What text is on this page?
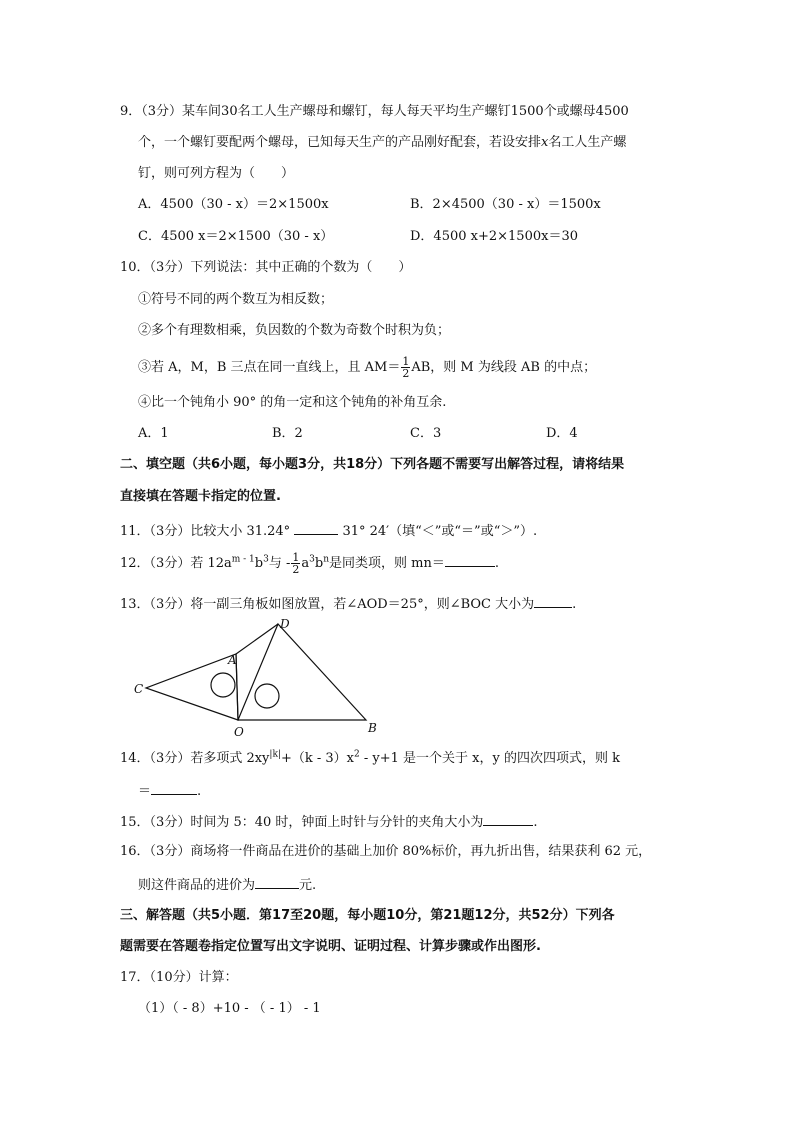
9．（3分）某车间30名工人生产螺母和螺钉，每人每天平均生产螺钉1500个或螺母4500
个，一个螺钉要配两个螺母，已知每天生产的产品刚好配套，若设安排x名工人生产螺
钉，则可列方程为（　　）
A．4500（30 - x）＝2×1500x	B．2×4500（30 - x）＝1500x
C．4500 x＝2×1500（30 - x）	D．4500 x+2×1500x＝30
10．（3分）下列说法：其中正确的个数为（　　）
①符号不同的两个数互为相反数；
②多个有理数相乘，负因数的个数为奇数个时积为负；
③若 A，M，B 三点在同一直线上，且 $AM= \frac{1}{2}$ AB，则 M 为线段 AB 的中点；
④比一个钝角小 90° 的角一定和这个钝角的补角互余.
A．1	B．2	C．3	D．4
二、填空题（共6小题，每小题3分，共18分）下列各题不需要写出解答过程，请将结果
直接填在答题卡指定的位置.
11．（3分）比较大小 31.24°	31° 24′（填“＜”或“＝”或“＞”）.
12．（3分）若 $12a^{m - 1}b^3$与 - $\frac{1}{2} a^3b^n$是同类项，则 mn＝	.
13．（3分）将一副三角板如图放置，若∠AOD＝25°，则∠BOC 大小为	.
D
A
C
O	B
14．（3分）若多项式 $2xy^{|k|}+(k - 3)x^2 - y+1$ 是一个关于 x，y 的四次四项式，则 k
＝	.
15．（3分）时间为 5：40 时，钟面上时针与分针的夹角大小为	.
16．（3分）商场将一件商品在进价的基础上加价 80%标价，再九折出售，结果获利 62 元，
则这件商品的进价为	元.
三、解答题（共5小题．第17至20题，每小题10分，第21题12分，共52分）下列各
题需要在答题卷指定位置写出文字说明、证明过程、计算步骤或作出图形.
17．（10分）计算：
（1）（ - 8）+10 - （ - 1） - 1
